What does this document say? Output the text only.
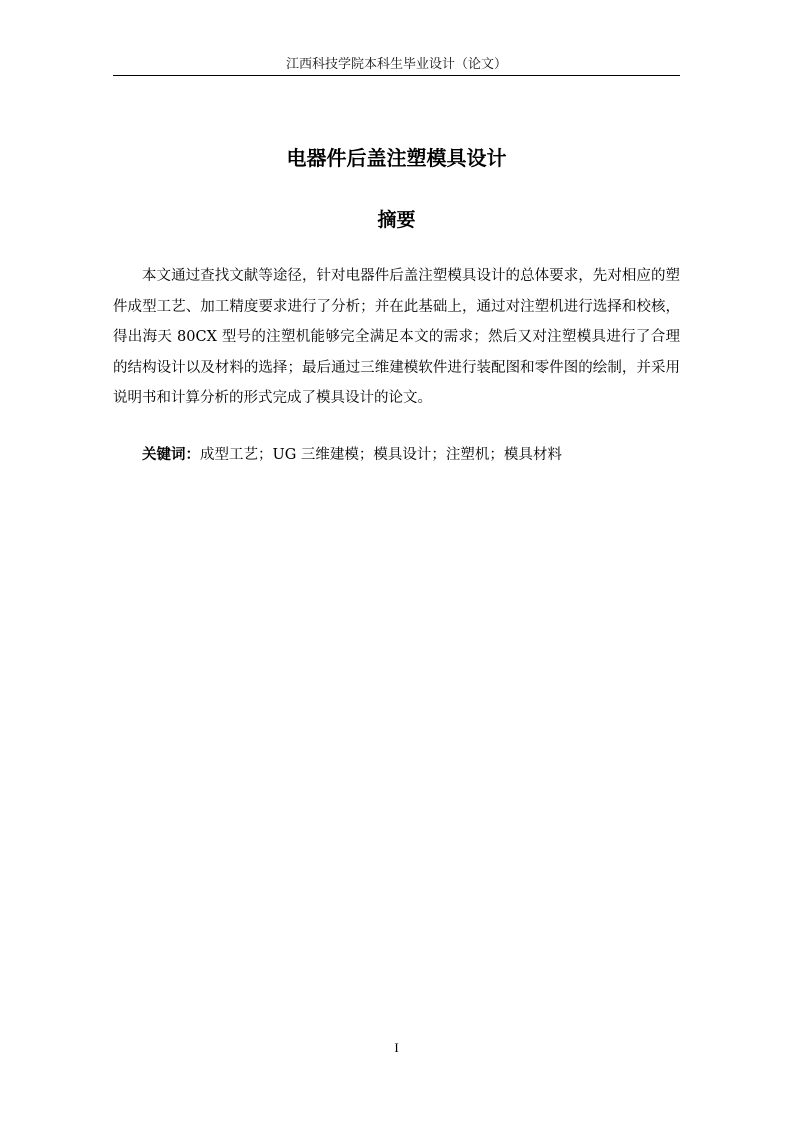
江西科技学院本科生毕业设计（论文）
电器件后盖注塑模具设计
摘要

本文通过查找文献等途径，针对电器件后盖注塑模具设计的总体要求，先对相应的塑件成型工艺、加工精度要求进行了分析；并在此基础上，通过对注塑机进行选择和校核，得出海天 80CX 型号的注塑机能够完全满足本文的需求；然后又对注塑模具进行了合理的结构设计以及材料的选择；最后通过三维建模软件进行装配图和零件图的绘制，并采用说明书和计算分析的形式完成了模具设计的论文。

关键词：成型工艺；UG 三维建模；模具设计；注塑机；模具材料

I
